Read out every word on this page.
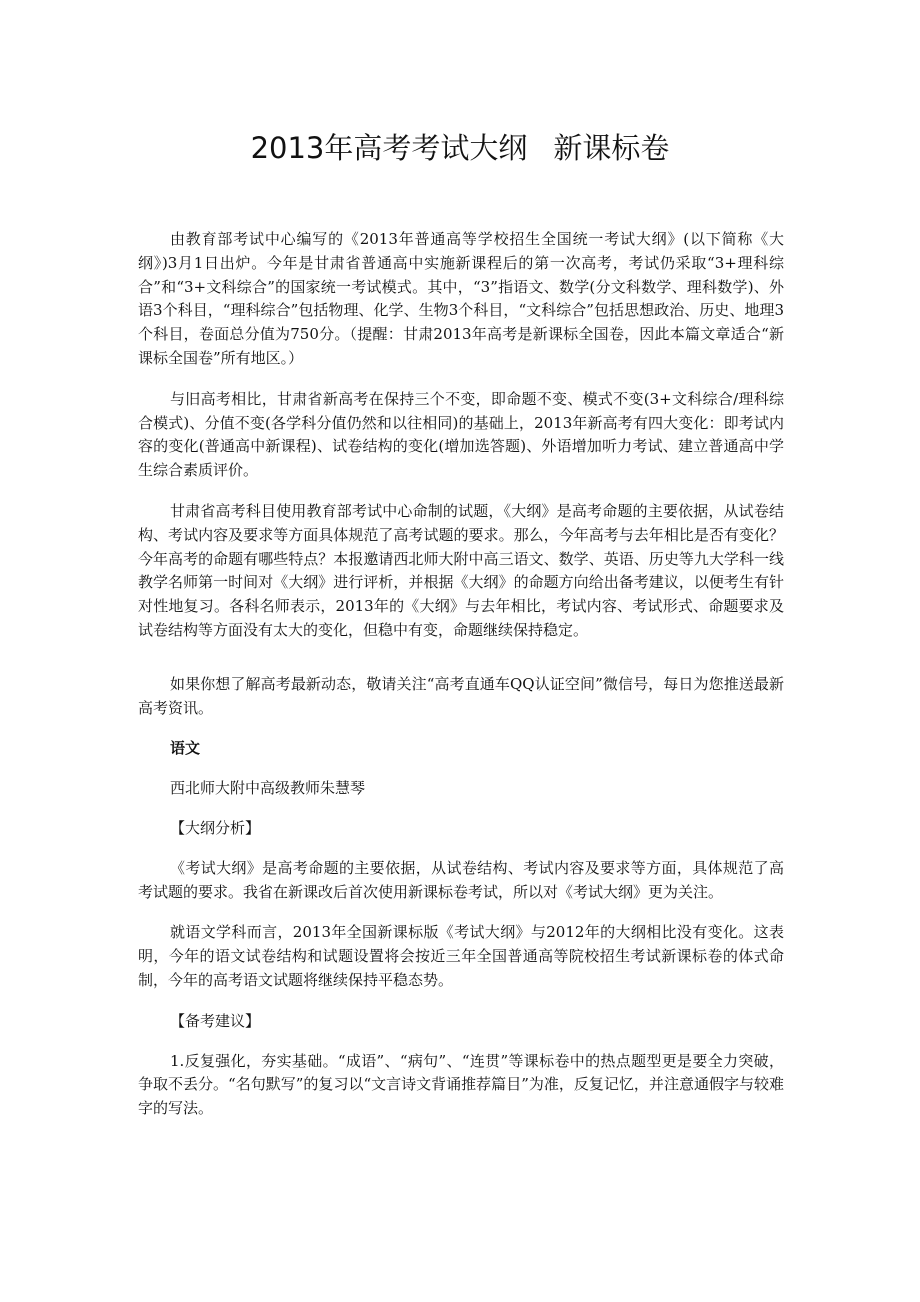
2013年高考考试大纲 新课标卷

由教育部考试中心编写的《2013年普通高等学校招生全国统一考试大纲》(以下简称《大纲》)3月1日出炉。今年是甘肃省普通高中实施新课程后的第一次高考，考试仍采取“3+理科综合”和“3+文科综合”的国家统一考试模式。其中，“3”指语文、数学(分文科数学、理科数学)、外语3个科目，“理科综合”包括物理、化学、生物3个科目，“文科综合”包括思想政治、历史、地理3个科目，卷面总分值为750分。（提醒：甘肃2013年高考是新课标全国卷，因此本篇文章适合“新课标全国卷”所有地区。）

与旧高考相比，甘肃省新高考在保持三个不变，即命题不变、模式不变(3+文科综合/理科综合模式)、分值不变(各学科分值仍然和以往相同)的基础上，2013年新高考有四大变化：即考试内容的变化(普通高中新课程)、试卷结构的变化(增加选答题)、外语增加听力考试、建立普通高中学生综合素质评价。

甘肃省高考科目使用教育部考试中心命制的试题，《大纲》是高考命题的主要依据，从试卷结构、考试内容及要求等方面具体规范了高考试题的要求。那么，今年高考与去年相比是否有变化？今年高考的命题有哪些特点？本报邀请西北师大附中高三语文、数学、英语、历史等九大学科一线教学名师第一时间对《大纲》进行评析，并根据《大纲》的命题方向给出备考建议，以便考生有针对性地复习。各科名师表示，2013年的《大纲》与去年相比，考试内容、考试形式、命题要求及试卷结构等方面没有太大的变化，但稳中有变，命题继续保持稳定。

如果你想了解高考最新动态，敬请关注“高考直通车QQ认证空间”微信号，每日为您推送最新高考资讯。

语文

西北师大附中高级教师朱慧琴

【大纲分析】

《考试大纲》是高考命题的主要依据，从试卷结构、考试内容及要求等方面，具体规范了高考试题的要求。我省在新课改后首次使用新课标卷考试，所以对《考试大纲》更为关注。

就语文学科而言，2013年全国新课标版《考试大纲》与2012年的大纲相比没有变化。这表明，今年的语文试卷结构和试题设置将会按近三年全国普通高等院校招生考试新课标卷的体式命制，今年的高考语文试题将继续保持平稳态势。

【备考建议】

1.反复强化，夯实基础。“成语”、“病句”、“连贯”等课标卷中的热点题型更是要全力突破，争取不丢分。“名句默写”的复习以“文言诗文背诵推荐篇目”为准，反复记忆，并注意通假字与较难字的写法。
